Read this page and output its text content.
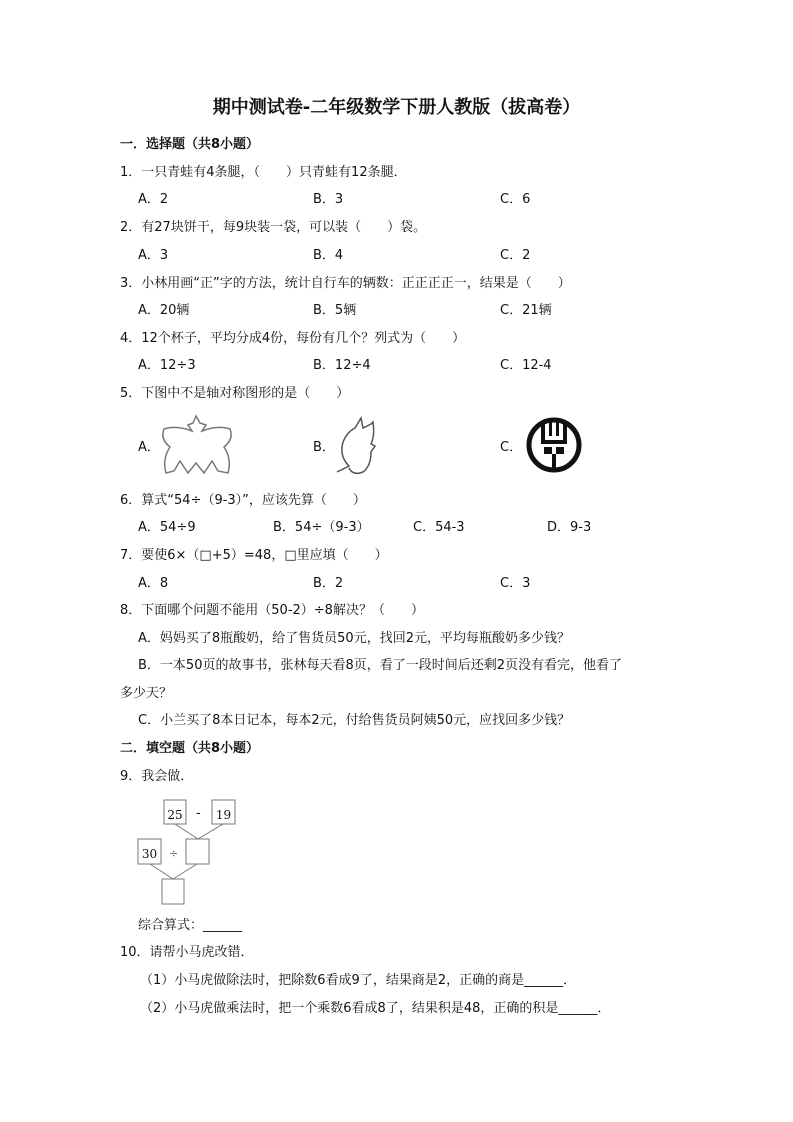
期中测试卷-二年级数学下册人教版（拔高卷）
一．选择题（共8小题）
1．一只青蛙有4条腿，（　　）只青蛙有12条腿．
A．2	B．3	C．6
2．有27块饼干，每9块装一袋，可以装（　　）袋。
A．3	B．4	C．2
3．小林用画“正”字的方法，统计自行车的辆数：正正正正一，结果是（　　）
A．20辆	B．5辆	C．21辆
4．12个杯子，平均分成4份，每份有几个？列式为（　　）
A．12÷3	B．12÷4	C．12-4
5．下图中不是轴对称图形的是（　　）
A．	B．	C．
6．算式“54÷（9-3）”，应该先算（　　）
A．54÷9	B．54÷（9-3）	C．54-3	D．9-3
7．要使6×（□+5）=48，□里应填（　　）
A．8	B．2	C．3
8．下面哪个问题不能用（50-2）÷8解决？（　　）
A．妈妈买了8瓶酸奶，给了售货员50元，找回2元，平均每瓶酸奶多少钱？
B．一本50页的故事书，张林每天看8页，看了一段时间后还剩2页没有看完，他看了
多少天？
C．小兰买了8本日记本，每本2元，付给售货员阿姨50元，应找回多少钱？
二．填空题（共8小题）
9．我会做．
25 -	19
30	÷
综合算式：______
10．请帮小马虎改错．
（1）小马虎做除法时，把除数6看成9了，结果商是2，正确的商是______．
（2）小马虎做乘法时，把一个乘数6看成8了，结果积是48，正确的积是______．
